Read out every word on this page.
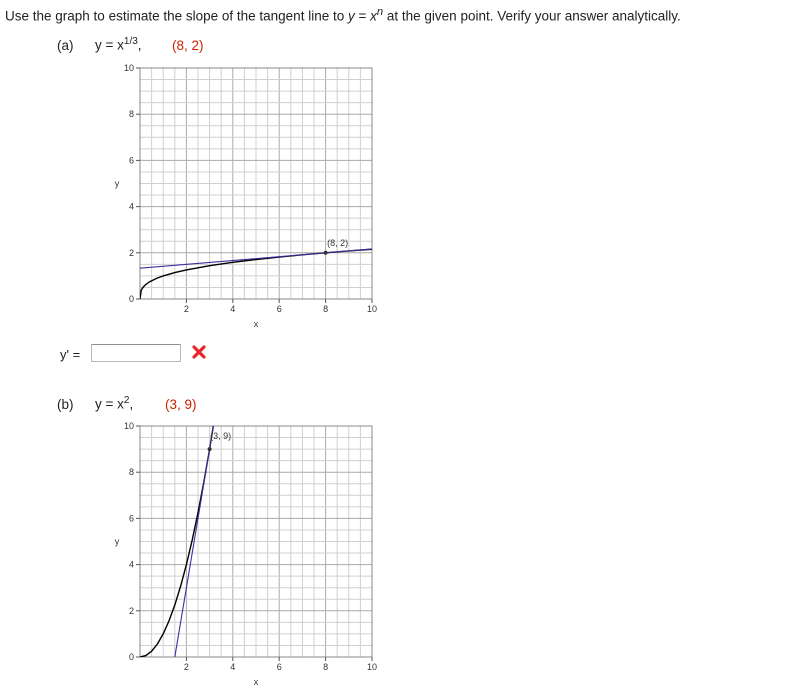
Use the graph to estimate the slope of the tangent line to $y = x^n$ at the given point. Verify your answer analytically.
(a) $y = x^{1/3}$, (8, 2)
0
2
4
6
8
10
2	4	6	8	10
y
x
(8, 2)
y' =
(b) $y = x^2$, (3, 9)
0
2
4
6
8
10
2	4	6	8	10
y
x
(3, 9)
